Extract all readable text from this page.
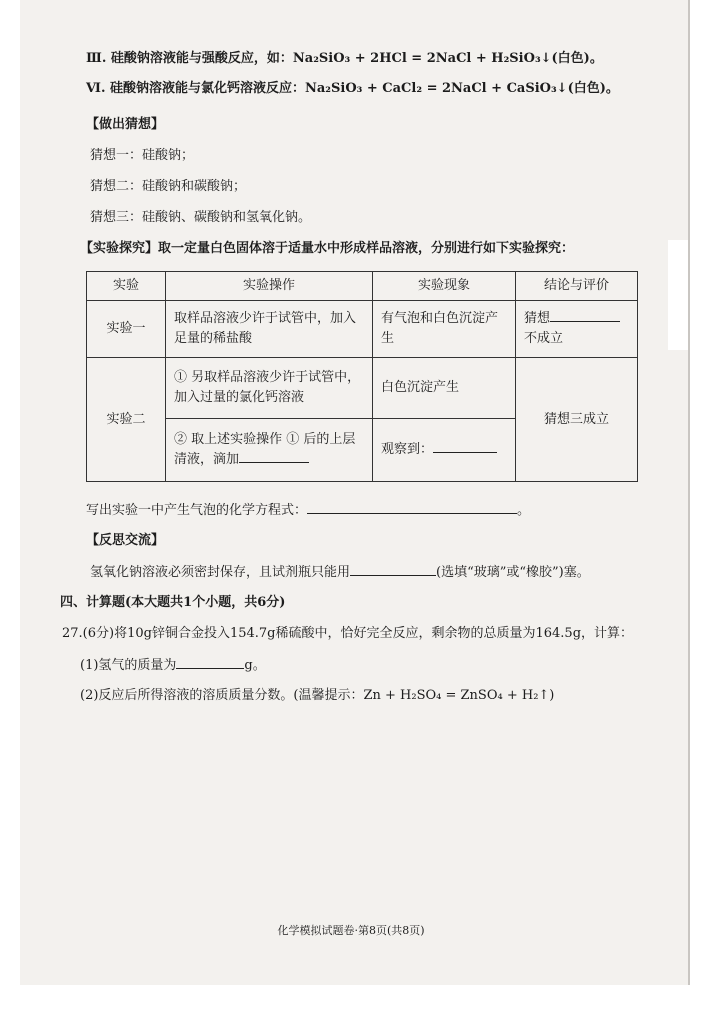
Ⅲ. 硅酸钠溶液能与强酸反应，如：Na₂SiO₃ + 2HCl = 2NaCl + H₂SiO₃↓(白色)。
Ⅵ. 硅酸钠溶液能与氯化钙溶液反应：Na₂SiO₃ + CaCl₂ = 2NaCl + CaSiO₃↓(白色)。
【做出猜想】
猜想一：硅酸钠；
猜想二：硅酸钠和碳酸钠；
猜想三：硅酸钠、碳酸钠和氢氧化钠。
【实验探究】取一定量白色固体溶于适量水中形成样品溶液，分别进行如下实验探究：
实验	实验操作	实验现象	结论与评价
实验一	取样品溶液少许于试管中，加入足量的稀盐酸	有气泡和白色沉淀产生	猜想
不成立
实验二	① 另取样品溶液少许于试管中，加入过量的氯化钙溶液	白色沉淀产生	猜想三成立
	② 取上述实验操作 ① 后的上层清液，滴加	观察到：	
写出实验一中产生气泡的化学方程式：	。
【反思交流】
氢氧化钠溶液必须密封保存，且试剂瓶只能用	(选填“玻璃”或“橡胶”)塞。
四、计算题(本大题共1个小题，共6分)
27.(6分)将10g锌铜合金投入154.7g稀硫酸中，恰好完全反应，剩余物的总质量为164.5g，计算：
(1)氢气的质量为	g。
(2)反应后所得溶液的溶质质量分数。(温馨提示：Zn + H₂SO₄ = ZnSO₄ + H₂↑)
化学模拟试题卷·第8页(共8页)
